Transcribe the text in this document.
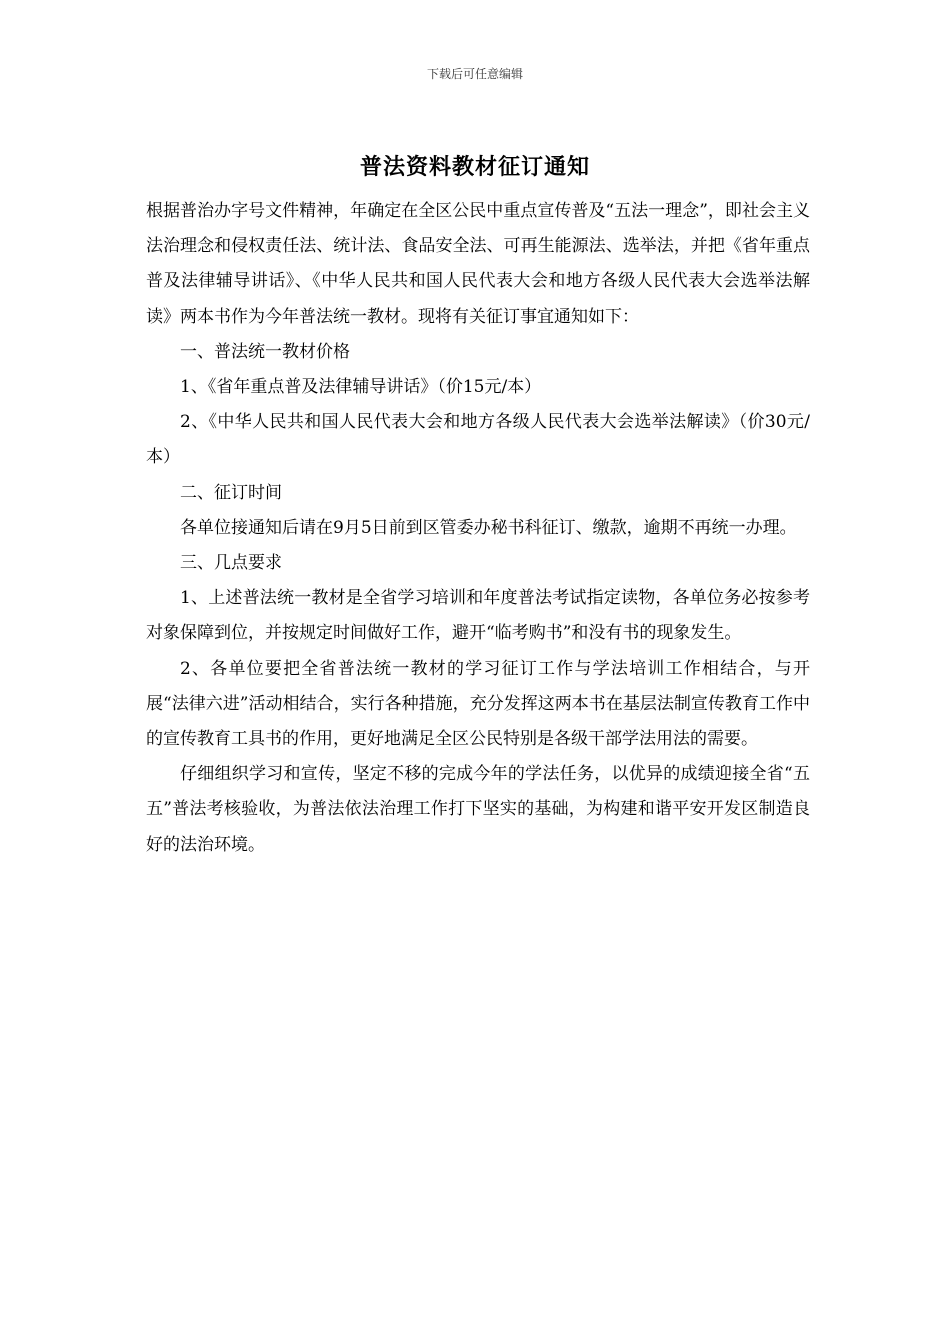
下载后可任意编辑
普法资料教材征订通知

根据普治办字号文件精神，年确定在全区公民中重点宣传普及“五法一理念”，即社会主义法治理念和侵权责任法、统计法、食品安全法、可再生能源法、选举法，并把《省年重点普及法律辅导讲话》、《中华人民共和国人民代表大会和地方各级人民代表大会选举法解读》两本书作为今年普法统一教材。现将有关征订事宜通知如下：

一、普法统一教材价格

1、《省年重点普及法律辅导讲话》（价15元/本）

2、《中华人民共和国人民代表大会和地方各级人民代表大会选举法解读》（价30元/本）

二、征订时间

各单位接通知后请在9月5日前到区管委办秘书科征订、缴款，逾期不再统一办理。

三、几点要求

1、上述普法统一教材是全省学习培训和年度普法考试指定读物，各单位务必按参考对象保障到位，并按规定时间做好工作，避开“临考购书”和没有书的现象发生。

2、各单位要把全省普法统一教材的学习征订工作与学法培训工作相结合，与开展“法律六进”活动相结合，实行各种措施，充分发挥这两本书在基层法制宣传教育工作中的宣传教育工具书的作用，更好地满足全区公民特别是各级干部学法用法的需要。

仔细组织学习和宣传，坚定不移的完成今年的学法任务，以优异的成绩迎接全省“五五”普法考核验收，为普法依法治理工作打下坚实的基础，为构建和谐平安开发区制造良好的法治环境。
